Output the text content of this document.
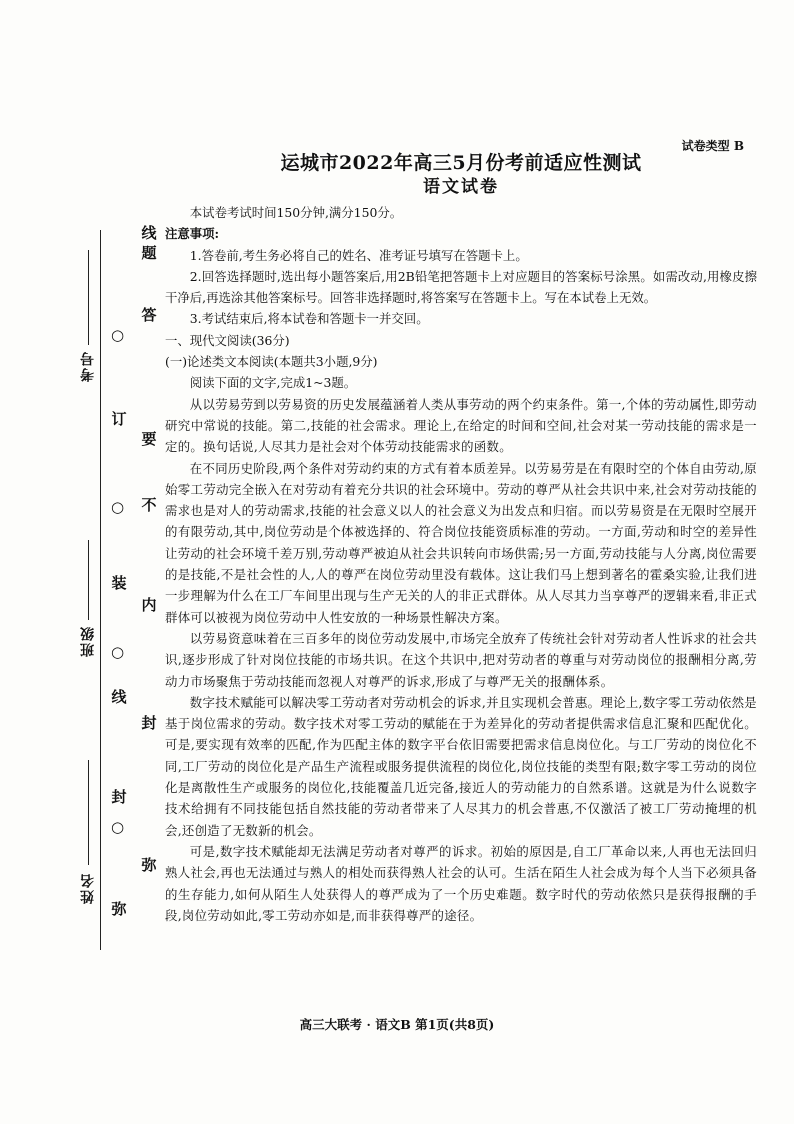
线
题
答
要
不
内
封
弥
订
装
线
封
弥
○
○
○
○
考号
班级
姓名
试卷类型 B
运城市2022年高三5月份考前适应性测试
语文试卷

本试卷考试时间150分钟,满分150分。

注意事项:

1.答卷前,考生务必将自己的姓名、准考证号填写在答题卡上。

2.回答选择题时,选出每小题答案后,用2B铅笔把答题卡上对应题目的答案标号涂黑。如需改动,用橡皮擦干净后,再选涂其他答案标号。回答非选择题时,将答案写在答题卡上。写在本试卷上无效。

3.考试结束后,将本试卷和答题卡一并交回。

一、现代文阅读(36分)

(一)论述类文本阅读(本题共3小题,9分)

阅读下面的文字,完成1~3题。

从以劳易劳到以劳易资的历史发展蕴涵着人类从事劳动的两个约束条件。第一,个体的劳动属性,即劳动研究中常说的技能。第二,技能的社会需求。理论上,在给定的时间和空间,社会对某一劳动技能的需求是一定的。换句话说,人尽其力是社会对个体劳动技能需求的函数。

在不同历史阶段,两个条件对劳动约束的方式有着本质差异。以劳易劳是在有限时空的个体自由劳动,原始零工劳动完全嵌入在对劳动有着充分共识的社会环境中。劳动的尊严从社会共识中来,社会对劳动技能的需求也是对人的劳动需求,技能的社会意义以人的社会意义为出发点和归宿。而以劳易资是在无限时空展开的有限劳动,其中,岗位劳动是个体被选择的、符合岗位技能资质标准的劳动。一方面,劳动和时空的差异性让劳动的社会环境千差万别,劳动尊严被迫从社会共识转向市场供需;另一方面,劳动技能与人分离,岗位需要的是技能,不是社会性的人,人的尊严在岗位劳动里没有载体。这让我们马上想到著名的霍桑实验,让我们进一步理解为什么在工厂车间里出现与生产无关的人的非正式群体。从人尽其力当享尊严的逻辑来看,非正式群体可以被视为岗位劳动中人性安放的一种场景性解决方案。

以劳易资意味着在三百多年的岗位劳动发展中,市场完全放弃了传统社会针对劳动者人性诉求的社会共识,逐步形成了针对岗位技能的市场共识。在这个共识中,把对劳动者的尊重与对劳动岗位的报酬相分离,劳动力市场聚焦于劳动技能而忽视人对尊严的诉求,形成了与尊严无关的报酬体系。

数字技术赋能可以解决零工劳动者对劳动机会的诉求,并且实现机会普惠。理论上,数字零工劳动依然是基于岗位需求的劳动。数字技术对零工劳动的赋能在于为差异化的劳动者提供需求信息汇聚和匹配优化。可是,要实现有效率的匹配,作为匹配主体的数字平台依旧需要把需求信息岗位化。与工厂劳动的岗位化不同,工厂劳动的岗位化是产品生产流程或服务提供流程的岗位化,岗位技能的类型有限;数字零工劳动的岗位化是离散性生产或服务的岗位化,技能覆盖几近完备,接近人的劳动能力的自然系谱。这就是为什么说数字技术给拥有不同技能包括自然技能的劳动者带来了人尽其力的机会普惠,不仅激活了被工厂劳动掩埋的机会,还创造了无数新的机会。

可是,数字技术赋能却无法满足劳动者对尊严的诉求。初始的原因是,自工厂革命以来,人再也无法回归熟人社会,再也无法通过与熟人的相处而获得熟人社会的认可。生活在陌生人社会成为每个人当下必须具备的生存能力,如何从陌生人处获得人的尊严成为了一个历史难题。数字时代的劳动依然只是获得报酬的手段,岗位劳动如此,零工劳动亦如是,而非获得尊严的途径。

高三大联考 · 语文B 第1页(共8页)
